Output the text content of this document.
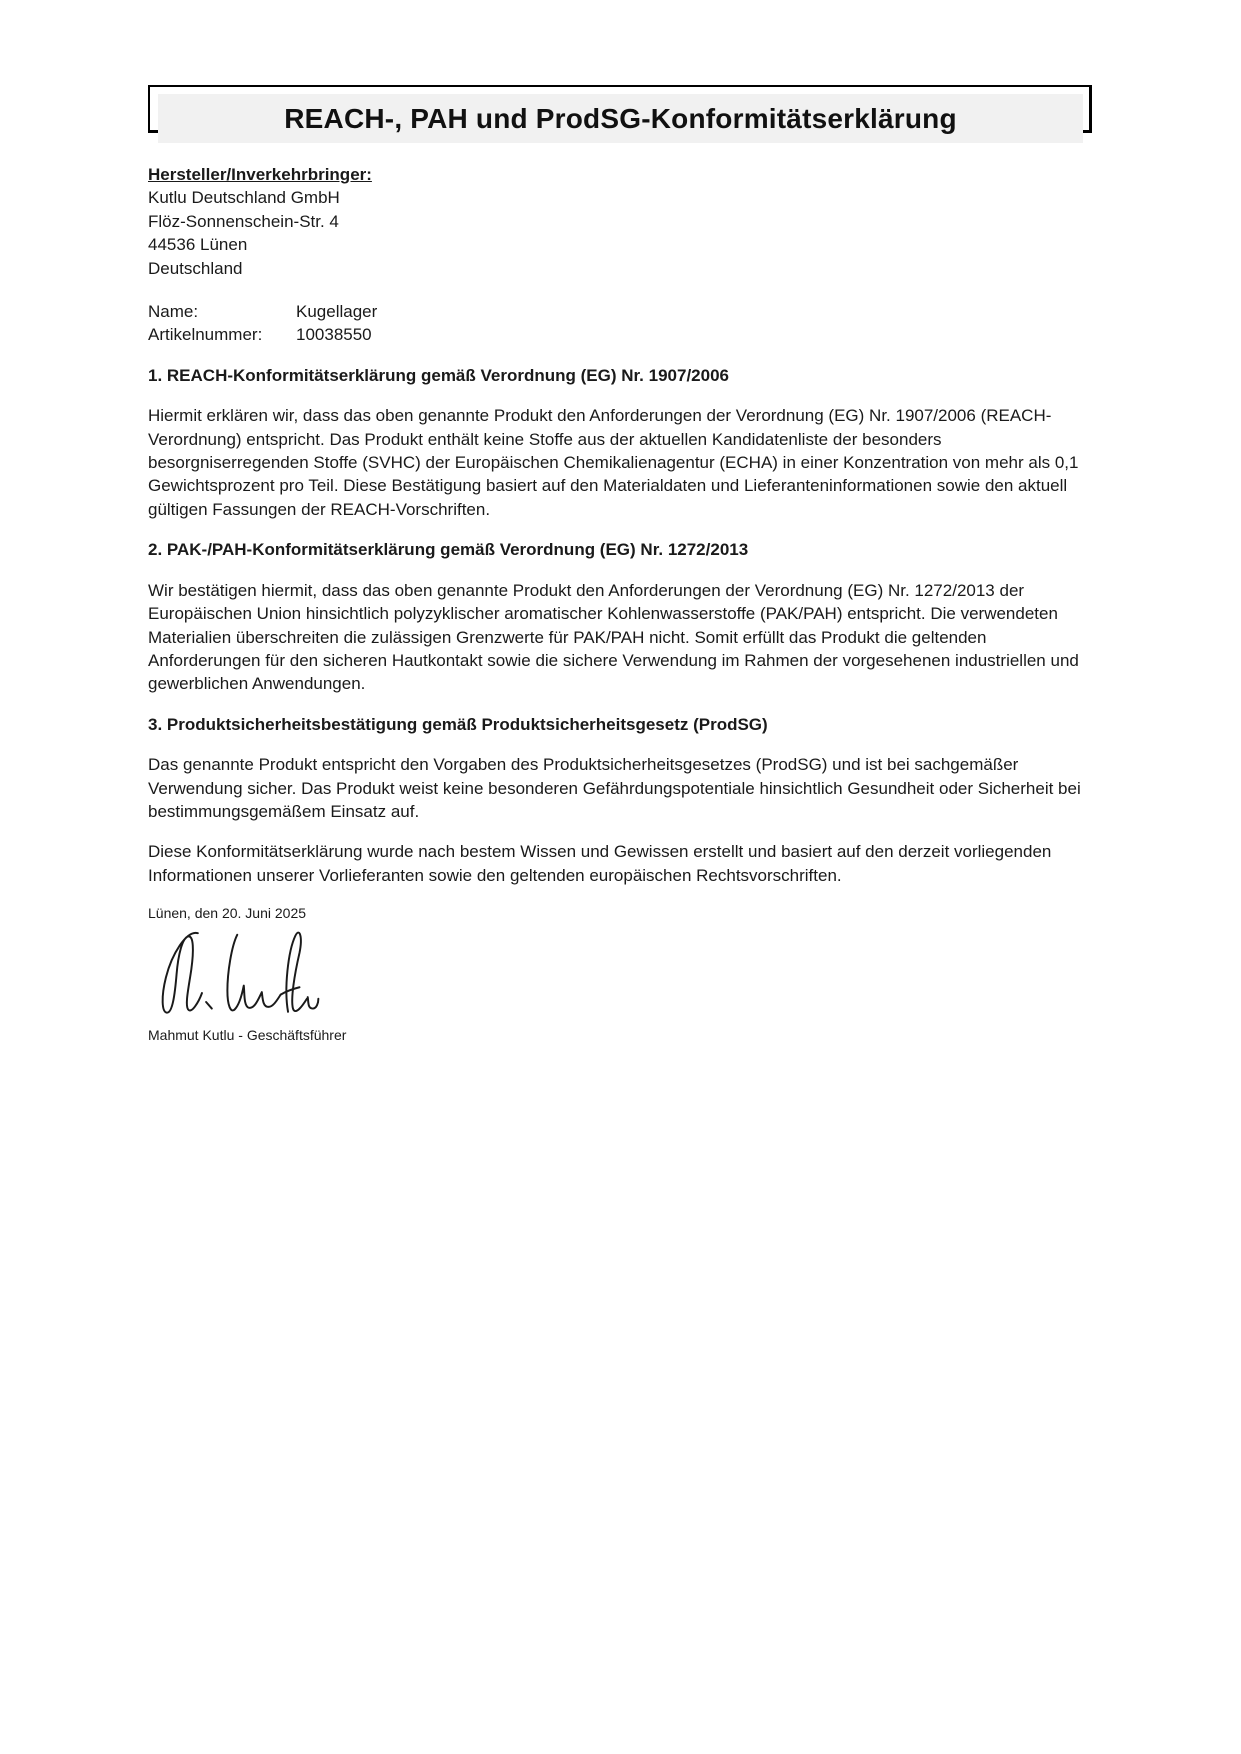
REACH-, PAH und ProdSG-Konformitätserklärung
Hersteller/Inverkehrbringer:
Kutlu Deutschland GmbH
Flöz-Sonnenschein-Str. 4
44536 Lünen
Deutschland
Name:	Kugellager
Artikelnummer:	10038550
1. REACH-Konformitätserklärung gemäß Verordnung (EG) Nr. 1907/2006

Hiermit erklären wir, dass das oben genannte Produkt den Anforderungen der Verordnung (EG) Nr. 1907/2006 (REACH-Verordnung) entspricht. Das Produkt enthält keine Stoffe aus der aktuellen Kandidatenliste der besonders besorgniserregenden Stoffe (SVHC) der Europäischen Chemikalienagentur (ECHA) in einer Konzentration von mehr als 0,1 Gewichtsprozent pro Teil. Diese Bestätigung basiert auf den Materialdaten und Lieferanteninformationen sowie den aktuell gültigen Fassungen der REACH-Vorschriften.

2. PAK-/PAH-Konformitätserklärung gemäß Verordnung (EG) Nr. 1272/2013

Wir bestätigen hiermit, dass das oben genannte Produkt den Anforderungen der Verordnung (EG) Nr. 1272/2013 der Europäischen Union hinsichtlich polyzyklischer aromatischer Kohlenwasserstoffe (PAK/PAH) entspricht. Die verwendeten Materialien überschreiten die zulässigen Grenzwerte für PAK/PAH nicht. Somit erfüllt das Produkt die geltenden Anforderungen für den sicheren Hautkontakt sowie die sichere Verwendung im Rahmen der vorgesehenen industriellen und gewerblichen Anwendungen.

3. Produktsicherheitsbestätigung gemäß Produktsicherheitsgesetz (ProdSG)

Das genannte Produkt entspricht den Vorgaben des Produktsicherheitsgesetzes (ProdSG) und ist bei sachgemäßer Verwendung sicher. Das Produkt weist keine besonderen Gefährdungspotentiale hinsichtlich Gesundheit oder Sicherheit bei bestimmungsgemäßem Einsatz auf.

Diese Konformitätserklärung wurde nach bestem Wissen und Gewissen erstellt und basiert auf den derzeit vorliegenden Informationen unserer Vorlieferanten sowie den geltenden europäischen Rechtsvorschriften.

Lünen, den 20. Juni 2025
Mahmut Kutlu - Geschäftsführer
